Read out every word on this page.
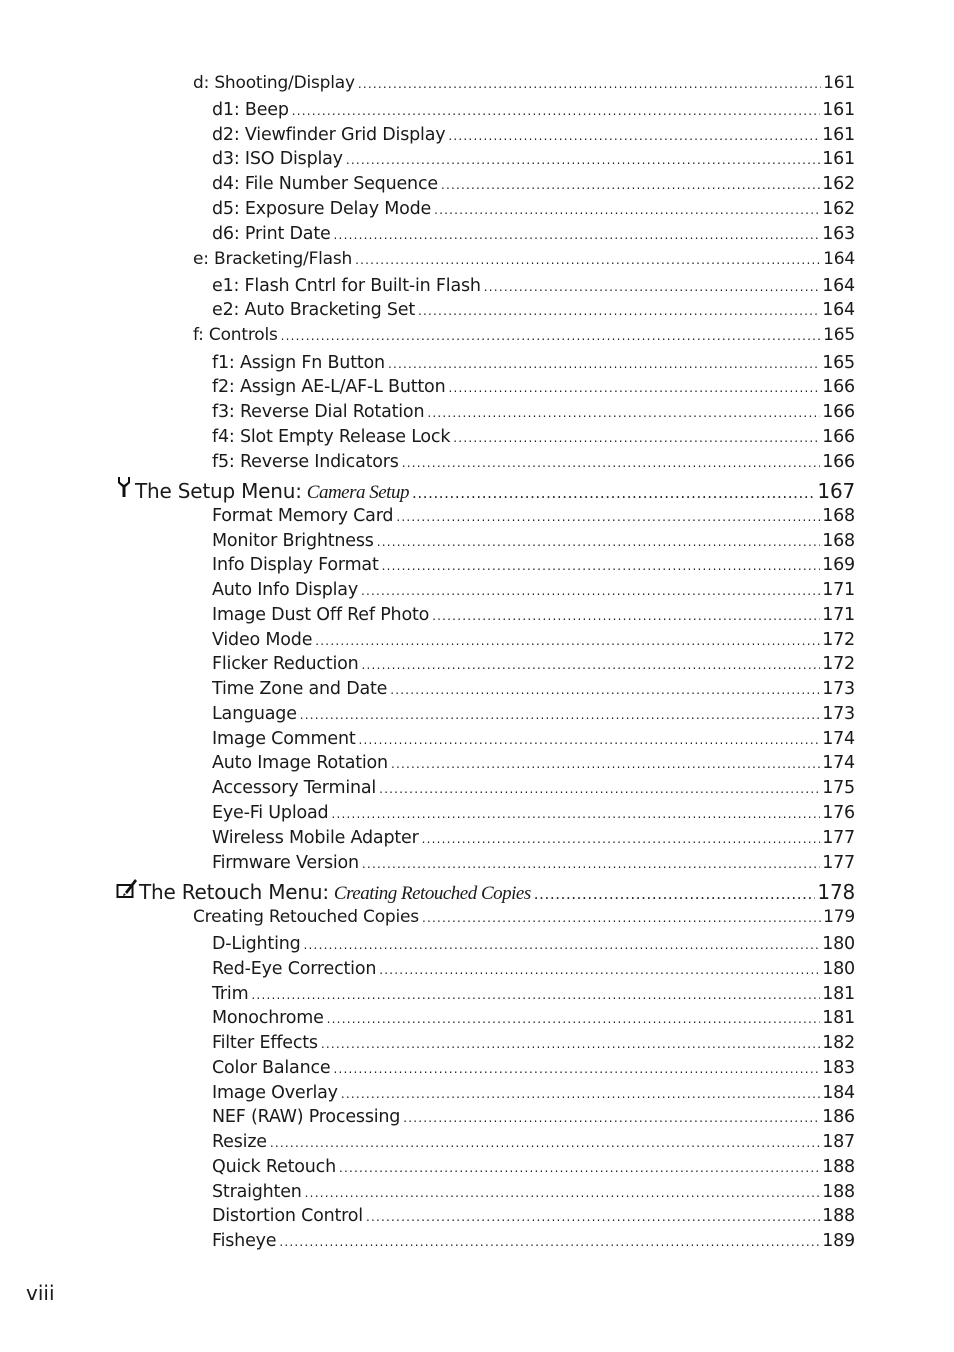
d: Shooting/Display .....	161
d1: Beep .....	161
d2: Viewfinder Grid Display .....	161
d3: ISO Display .....	161
d4: File Number Sequence .....	162
d5: Exposure Delay Mode .....	162
d6: Print Date .....	163
e: Bracketing/Flash .....	164
e1: Flash Cntrl for Built-in Flash .....	164
e2: Auto Bracketing Set .....	164
f: Controls .....	165
f1: Assign Fn Button .....	165
f2: Assign AE-L/AF-L Button .....	166
f3: Reverse Dial Rotation .....	166
f4: Slot Empty Release Lock .....	166
f5: Reverse Indicators .....	166
The Setup Menu: Camera Setup .....	167
Format Memory Card .....	168
Monitor Brightness .....	168
Info Display Format .....	169
Auto Info Display .....	171
Image Dust Off Ref Photo .....	171
Video Mode .....	172
Flicker Reduction .....	172
Time Zone and Date .....	173
Language .....	173
Image Comment .....	174
Auto Image Rotation .....	174
Accessory Terminal .....	175
Eye-Fi Upload .....	176
Wireless Mobile Adapter .....	177
Firmware Version .....	177
The Retouch Menu: Creating Retouched Copies .....	178
Creating Retouched Copies .....	179
D-Lighting .....	180
Red-Eye Correction .....	180
Trim .....	181
Monochrome .....	181
Filter Effects .....	182
Color Balance .....	183
Image Overlay .....	184
NEF (RAW) Processing .....	186
Resize .....	187
Quick Retouch .....	188
Straighten .....	188
Distortion Control .....	188
Fisheye .....	189
viii
